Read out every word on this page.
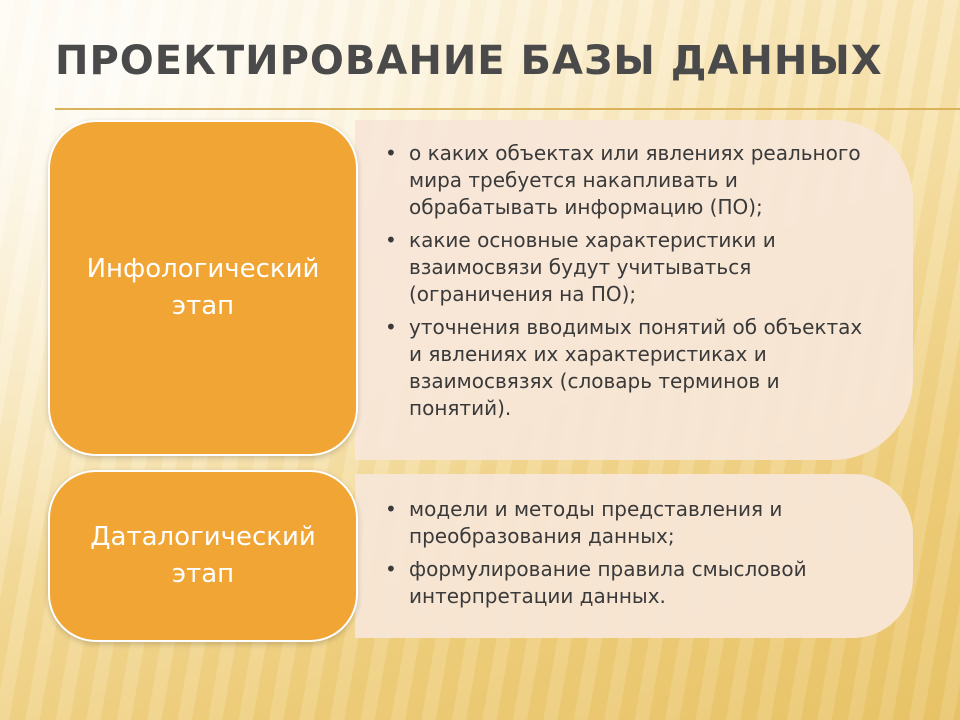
ПРОЕКТИРОВАНИЕ БАЗЫ ДАННЫХ
• о каких объектах или явлениях реального мира требуется накапливать и обрабатывать информацию (ПО);
• какие основные характеристики и взаимосвязи будут учитываться (ограничения на ПО);
• уточнения вводимых понятий об объектах и явлениях их характеристиках и взаимосвязях (словарь терминов и понятий).
Инфологический этап
• модели и методы представления и преобразования данных;
• формулирование правила смысловой интерпретации данных.
Даталогический этап
